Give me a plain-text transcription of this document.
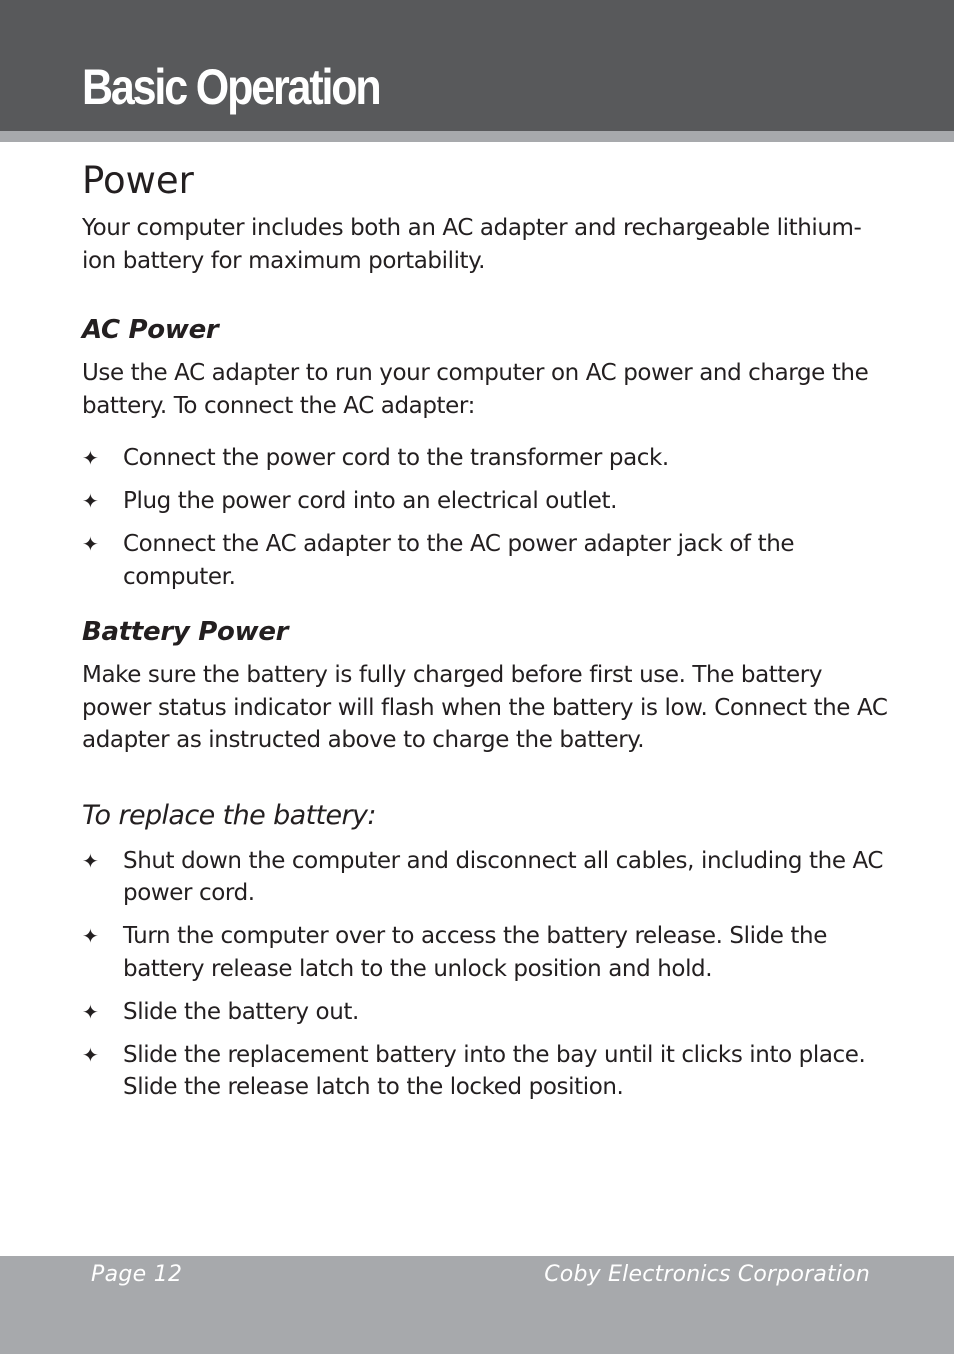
Basic Operation
Power

Your computer includes both an AC adapter and rechargeable lithium-ion battery for maximum portability.

AC Power

Use the AC adapter to run your computer on AC power and charge the battery. To connect the AC adapter:

✦ Connect the power cord to the transformer pack.
✦ Plug the power cord into an electrical outlet.
✦ Connect the AC adapter to the AC power adapter jack of the computer.
Battery Power

Make sure the battery is fully charged before first use. The battery power status indicator will flash when the battery is low. Connect the AC adapter as instructed above to charge the battery.

To replace the battery:
✦ Shut down the computer and disconnect all cables, including the AC power cord.
✦ Turn the computer over to access the battery release. Slide the battery release latch to the unlock position and hold.
✦ Slide the battery out.
✦ Slide the replacement battery into the bay until it clicks into place. Slide the release latch to the locked position.
Page 12	Coby Electronics Corporation
